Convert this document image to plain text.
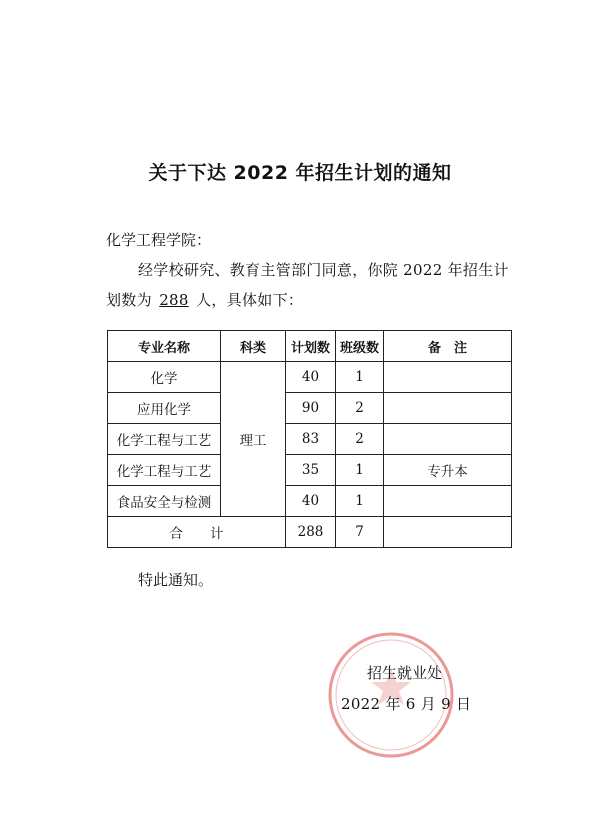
关于下达 2022 年招生计划的通知
化学工程学院：
经学校研究、教育主管部门同意，你院 2022 年招生计
划数为 288 人，具体如下：
专业名称	科类	计划数	班级数	备　注
化学	理工	40	1	
应用化学		90	2	
化学工程与工艺		83	2	
化学工程与工艺		35	1	专升本
食品安全与检测		40	1	
合　　计		288	7	
特此通知。
招生就业处
2022 年 6 月 9 日
